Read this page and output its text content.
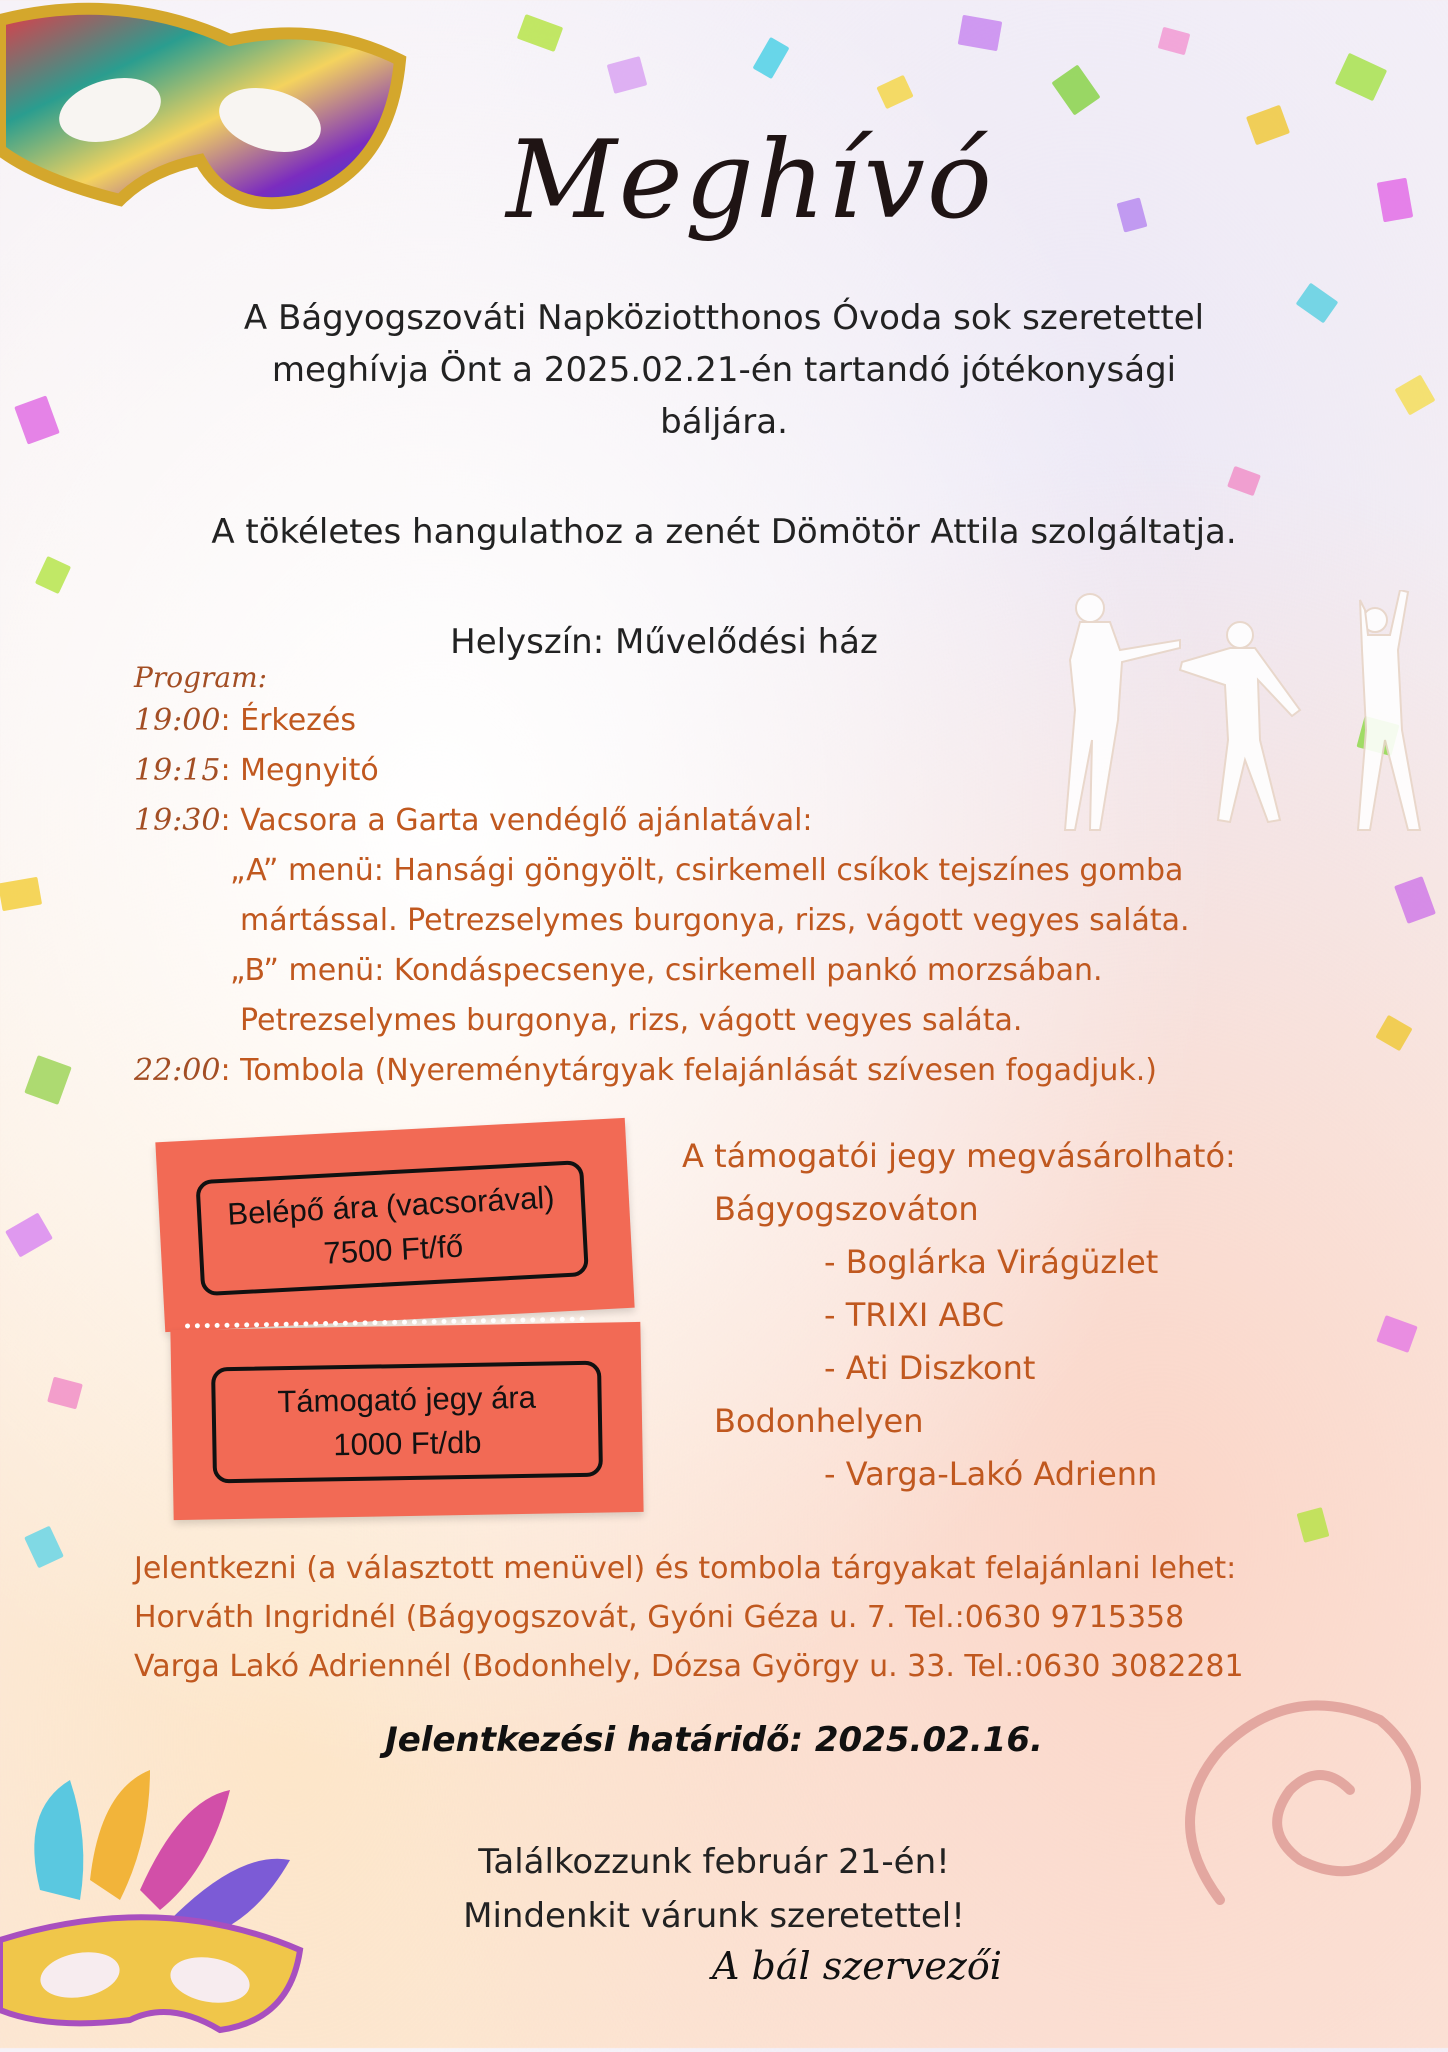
Meghívó
A Bágyogszováti Napköziotthonos Óvoda sok szeretettel
meghívja Önt a 2025.02.21-én tartandó jótékonysági
báljára.
A tökéletes hangulathoz a zenét Dömötör Attila szolgáltatja.
Helyszín: Művelődési ház
Program:
19:00: Érkezés
19:15: Megnyitó
19:30: Vacsora a Garta vendéglő ajánlatával:
„A” menü: Hansági göngyölt, csirkemell csíkok tejszínes gomba
mártással. Petrezselymes burgonya, rizs, vágott vegyes saláta.
„B” menü: Kondáspecsenye, csirkemell pankó morzsában.
Petrezselymes burgonya, rizs, vágott vegyes saláta.
22:00: Tombola (Nyereménytárgyak felajánlását szívesen fogadjuk.)
Belépő ára (vacsorával)
7500 Ft/fő
Támogató jegy ára
1000 Ft/db
A támogatói jegy megvásárolható:
Bágyogszováton
- Boglárka Virágüzlet
- TRIXI ABC
- Ati Diszkont
Bodonhelyen
- Varga-Lakó Adrienn
Jelentkezni (a választott menüvel) és tombola tárgyakat felajánlani lehet:
Horváth Ingridnél (Bágyogszovát, Gyóni Géza u. 7. Tel.:0630 9715358
Varga Lakó Adriennél (Bodonhely, Dózsa György u. 33. Tel.:0630 3082281
Jelentkezési határidő: 2025.02.16.
Találkozzunk február 21-én!
Mindenkit várunk szeretettel!
A bál szervezői
